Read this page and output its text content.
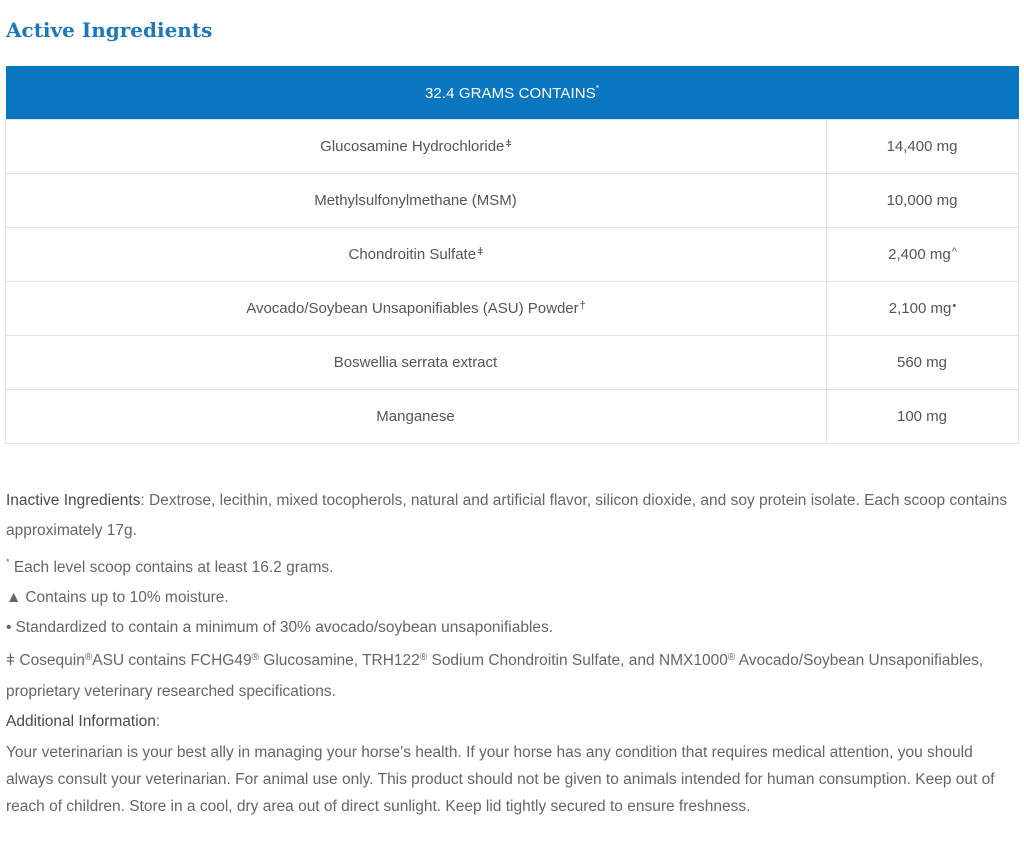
Active Ingredients
32.4 GRAMS CONTAINS*
Glucosamine Hydrochloride$^ǂ$	14,400 mg
Methylsulfonylmethane (MSM)	10,000 mg
Chondroitin Sulfate$^ǂ$	2,400 mg^
Avocado/Soybean Unsaponifiables (ASU) Powder†	2,100 mg•
Boswellia serrata extract	560 mg
Manganese	100 mg

Inactive Ingredients: Dextrose, lecithin, mixed tocopherols, natural and artificial flavor, silicon dioxide, and soy protein isolate. Each scoop contains approximately 17g.

* Each level scoop contains at least 16.2 grams.

▲ Contains up to 10% moisture.

• Standardized to contain a minimum of 30% avocado/soybean unsaponifiables.

ǂ Cosequin®ASU contains FCHG49® Glucosamine, TRH122® Sodium Chondroitin Sulfate, and NMX1000® Avocado/Soybean Unsaponifiables, proprietary veterinary researched specifications.

Additional Information:

Your veterinarian is your best ally in managing your horse’s health. If your horse has any condition that requires medical attention, you should always consult your veterinarian. For animal use only. This product should not be given to animals intended for human consumption. Keep out of reach of children. Store in a cool, dry area out of direct sunlight. Keep lid tightly secured to ensure freshness.
